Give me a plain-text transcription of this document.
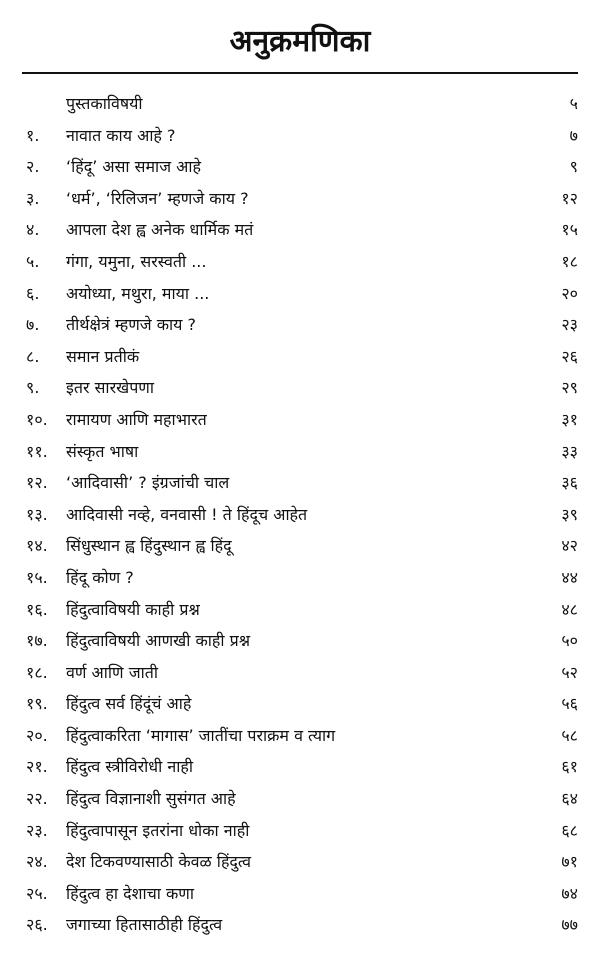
अनुक्रमणिका
पुस्तकाविषयी	५
१.	नावात काय आहे ?	७
२.	‘हिंदू’ असा समाज आहे	९
३.	‘धर्म’, ‘रिलिजन’ म्हणजे काय ?	१२
४.	आपला देश ह्व अनेक धार्मिक मतं	१५
५.	गंगा, यमुना, सरस्वती ...	१८
६.	अयोध्या, मथुरा, माया ...	२०
७.	तीर्थक्षेत्रं म्हणजे काय ?	२३
८.	समान प्रतीकं	२६
९.	इतर सारखेपणा	२९
१०.	रामायण आणि महाभारत	३१
११.	संस्कृत भाषा	३३
१२.	‘आदिवासी’ ? इंग्रजांची चाल	३६
१३.	आदिवासी नव्हे, वनवासी ! ते हिंदूच आहेत	३९
१४.	सिंधुस्थान ह्व हिंदुस्थान ह्व हिंदू	४२
१५.	हिंदू कोण ?	४४
१६.	हिंदुत्वाविषयी काही प्रश्न	४८
१७.	हिंदुत्वाविषयी आणखी काही प्रश्न	५०
१८.	वर्ण आणि जाती	५२
१९.	हिंदुत्व सर्व हिंदूंचं आहे	५६
२०.	हिंदुत्वाकरिता ‘मागास’ जातींचा पराक्रम व त्याग	५८
२१.	हिंदुत्व स्त्रीविरोधी नाही	६१
२२.	हिंदुत्व विज्ञानाशी सुसंगत आहे	६४
२३.	हिंदुत्वापासून इतरांना धोका नाही	६८
२४.	देश टिकवण्यासाठी केवळ हिंदुत्व	७१
२५.	हिंदुत्व हा देशाचा कणा	७४
२६.	जगाच्या हितासाठीही हिंदुत्व	७७
